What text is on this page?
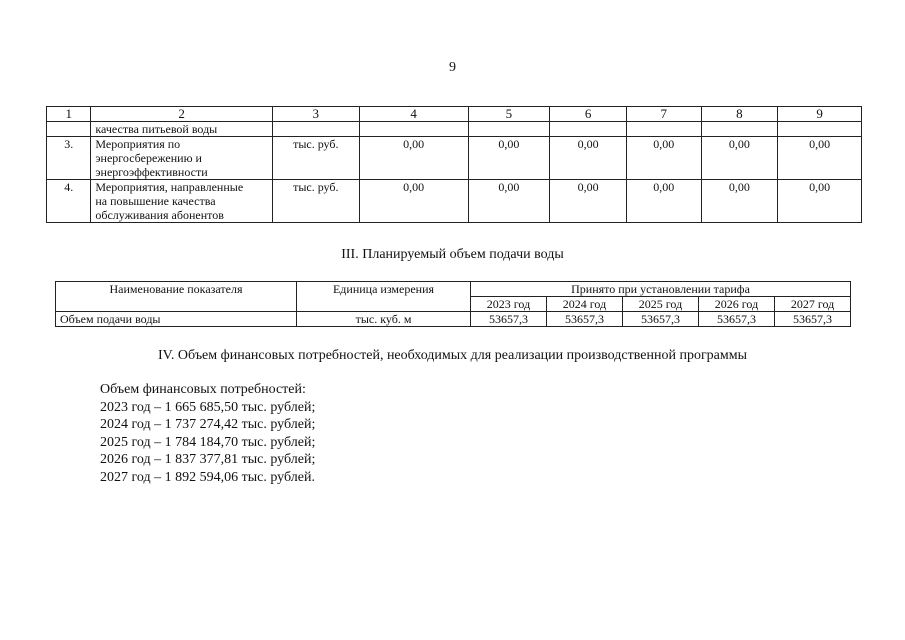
9
1	2	3	4	5	6	7	8	9

	качества питьевой воды							

3.	Мероприятия по
энергосбережению и
энергоэффективности	тыс. руб.	0,00	0,00	0,00	0,00	0,00	0,00
4.	Мероприятия, направленные
на повышение качества
обслуживания абонентов	тыс. руб.	0,00	0,00	0,00	0,00	0,00	0,00
III. Планируемый объем подачи воды
Наименование показателя	Единица измерения	Принято при установлении тарифа				
		2023 год	2024 год	2025 год	2026 год	2027 год
Объем подачи воды	тыс. куб. м	53657,3	53657,3	53657,3	53657,3	53657,3
IV. Объем финансовых потребностей, необходимых для реализации производственной программы
Объем финансовых потребностей:
2023 год – 1 665 685,50 тыс. рублей;
2024 год – 1 737 274,42 тыс. рублей;
2025 год – 1 784 184,70 тыс. рублей;
2026 год – 1 837 377,81 тыс. рублей;
2027 год – 1 892 594,06 тыс. рублей.
